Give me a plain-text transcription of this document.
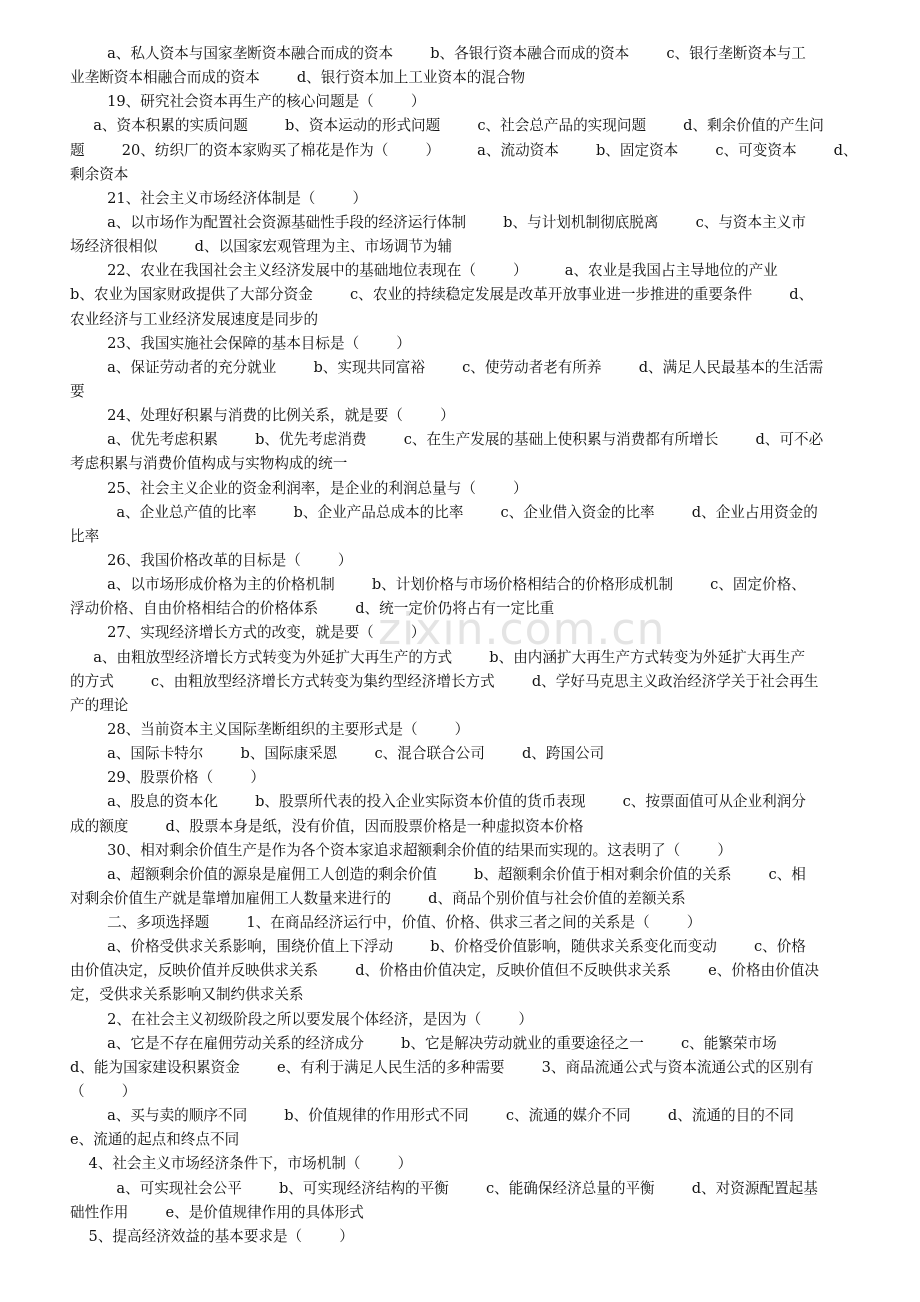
zixin.com.cn
a、私人资本与国家垄断资本融合而成的资本        b、各银行资本融合而成的资本        c、银行垄断资本与工
业垄断资本相融合而成的资本        d、银行资本加上工业资本的混合物
19、研究社会资本再生产的核心问题是（        ）
a、资本积累的实质问题        b、资本运动的形式问题        c、社会总产品的实现问题        d、剩余价值的产生问
题        20、纺织厂的资本家购买了棉花是作为（        ）        a、流动资本        b、固定资本        c、可变资本        d、
剩余资本
21、社会主义市场经济体制是（        ）
a、以市场作为配置社会资源基础性手段的经济运行体制        b、与计划机制彻底脱离        c、与资本主义市
场经济很相似        d、以国家宏观管理为主、市场调节为辅
22、农业在我国社会主义经济发展中的基础地位表现在（        ）        a、农业是我国占主导地位的产业
b、农业为国家财政提供了大部分资金        c、农业的持续稳定发展是改革开放事业进一步推进的重要条件        d、
农业经济与工业经济发展速度是同步的
23、我国实施社会保障的基本目标是（        ）
a、保证劳动者的充分就业        b、实现共同富裕        c、使劳动者老有所养        d、满足人民最基本的生活需
要
24、处理好积累与消费的比例关系，就是要（        ）
a、优先考虑积累        b、优先考虑消费        c、在生产发展的基础上使积累与消费都有所增长        d、可不必
考虑积累与消费价值构成与实物构成的统一
25、社会主义企业的资金利润率，是企业的利润总量与（        ）
a、企业总产值的比率        b、企业产品总成本的比率        c、企业借入资金的比率        d、企业占用资金的
比率
26、我国价格改革的目标是（        ）
a、以市场形成价格为主的价格机制        b、计划价格与市场价格相结合的价格形成机制        c、固定价格、
浮动价格、自由价格相结合的价格体系        d、统一定价仍将占有一定比重
27、实现经济增长方式的改变，就是要（        ）
a、由粗放型经济增长方式转变为外延扩大再生产的方式        b、由内涵扩大再生产方式转变为外延扩大再生产
的方式        c、由粗放型经济增长方式转变为集约型经济增长方式        d、学好马克思主义政治经济学关于社会再生
产的理论
28、当前资本主义国际垄断组织的主要形式是（        ）
a、国际卡特尔        b、国际康采恩        c、混合联合公司        d、跨国公司
29、股票价格（        ）
a、股息的资本化        b、股票所代表的投入企业实际资本价值的货币表现        c、按票面值可从企业利润分
成的额度        d、股票本身是纸，没有价值，因而股票价格是一种虚拟资本价格
30、相对剩余价值生产是作为各个资本家追求超额剩余价值的结果而实现的。这表明了（        ）
a、超额剩余价值的源泉是雇佣工人创造的剩余价值        b、超额剩余价值于相对剩余价值的关系        c、相
对剩余价值生产就是靠增加雇佣工人数量来进行的        d、商品个别价值与社会价值的差额关系
二、多项选择题        1、在商品经济运行中，价值、价格、供求三者之间的关系是（        ）
a、价格受供求关系影响，围绕价值上下浮动        b、价格受价值影响，随供求关系变化而变动        c、价格
由价值决定，反映价值并反映供求关系        d、价格由价值决定，反映价值但不反映供求关系        e、价格由价值决
定，受供求关系影响又制约供求关系
2、在社会主义初级阶段之所以要发展个体经济，是因为（        ）
a、它是不存在雇佣劳动关系的经济成分        b、它是解决劳动就业的重要途径之一        c、能繁荣市场
d、能为国家建设积累资金        e、有利于满足人民生活的多种需要        3、商品流通公式与资本流通公式的区别有
（        ）
a、买与卖的顺序不同        b、价值规律的作用形式不同        c、流通的媒介不同        d、流通的目的不同
e、流通的起点和终点不同
4、社会主义市场经济条件下，市场机制（        ）
a、可实现社会公平        b、可实现经济结构的平衡        c、能确保经济总量的平衡        d、对资源配置起基
础性作用        e、是价值规律作用的具体形式
5、提高经济效益的基本要求是（        ）
